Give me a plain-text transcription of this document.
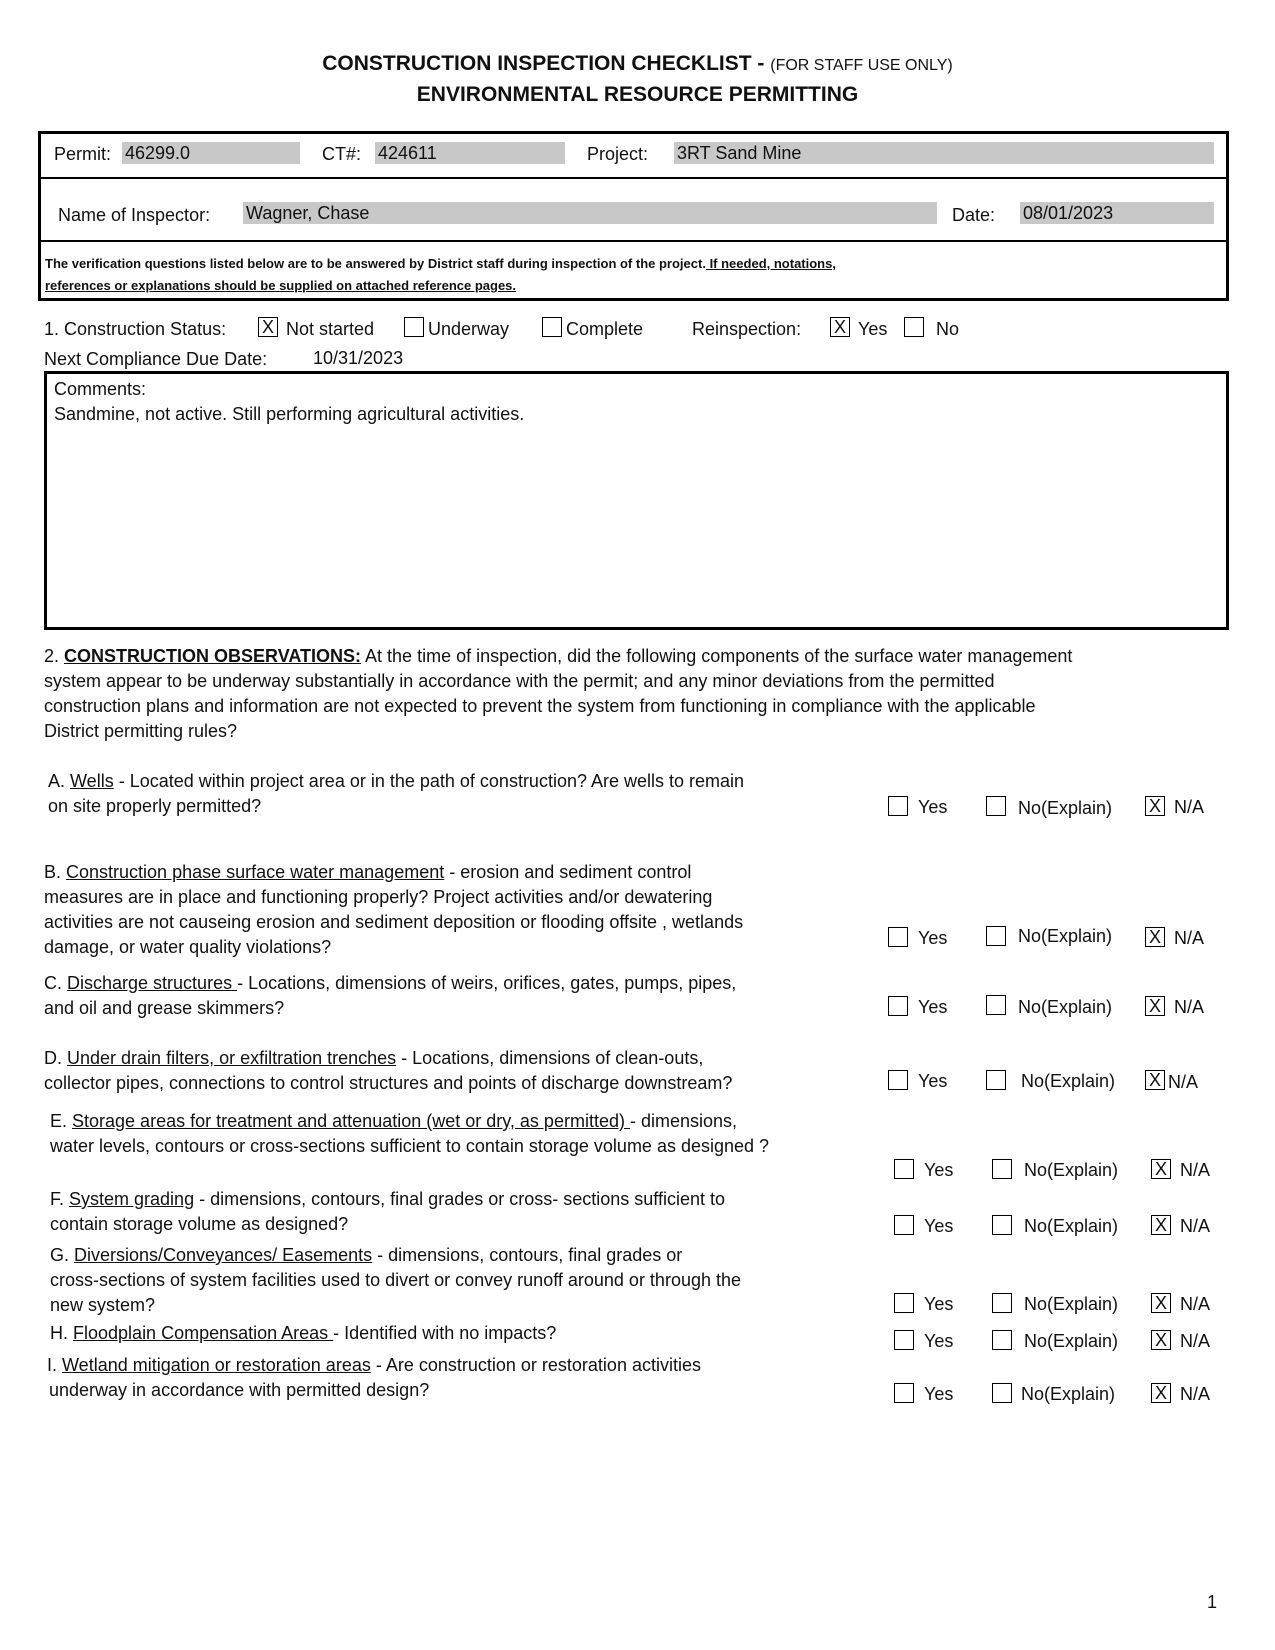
CONSTRUCTION INSPECTION CHECKLIST - (FOR STAFF USE ONLY)
ENVIRONMENTAL RESOURCE PERMITTING
Permit: 46299.0	CT#: 424611	Project: 3RT Sand Mine
Name of Inspector: Wagner, Chase	Date: 08/01/2023
The verification questions listed below are to be answered by District staff during inspection of the project. If needed, notations,
references or explanations should be supplied on attached reference pages.
1. Construction Status: X Not started	Underway	Complete	Reinspection: X Yes	No
Next Compliance Due Date:	10/31/2023
Comments:
Sandmine, not active. Still performing agricultural activities.
2. CONSTRUCTION OBSERVATIONS: At the time of inspection, did the following components of the surface water management
system appear to be underway substantially in accordance with the permit; and any minor deviations from the permitted
construction plans and information are not expected to prevent the system from functioning in compliance with the applicable
District permitting rules?
A. Wells - Located within project area or in the path of construction? Are wells to remain
on site properly permitted?	Yes	No(Explain) X N/A
B. Construction phase surface water management - erosion and sediment control
measures are in place and functioning properly? Project activities and/or dewatering
activities are not causeing erosion and sediment deposition or flooding offsite , wetlands
damage, or water quality violations?	Yes	No(Explain) X N/A
C. Discharge structures - Locations, dimensions of weirs, orifices, gates, pumps, pipes,
and oil and grease skimmers?	Yes	No(Explain) X N/A
D. Under drain filters, or exfiltration trenches - Locations, dimensions of clean-outs,
collector pipes, connections to control structures and points of discharge downstream?	Yes	No(Explain) X N/A
E. Storage areas for treatment and attenuation (wet or dry, as permitted) - dimensions,
water levels, contours or cross-sections sufficient to contain storage volume as designed ?
Yes	No(Explain) X N/A
F. System grading - dimensions, contours, final grades or cross- sections sufficient to
contain storage volume as designed?	Yes	No(Explain) X N/A
G. Diversions/Conveyances/ Easements - dimensions, contours, final grades or
cross-sections of system facilities used to divert or convey runoff around or through the
new system?	Yes	No(Explain) X N/A
H. Floodplain Compensation Areas - Identified with no impacts?	Yes	No(Explain) X N/A
I. Wetland mitigation or restoration areas - Are construction or restoration activities
underway in accordance with permitted design?	Yes	No(Explain) X N/A
1
